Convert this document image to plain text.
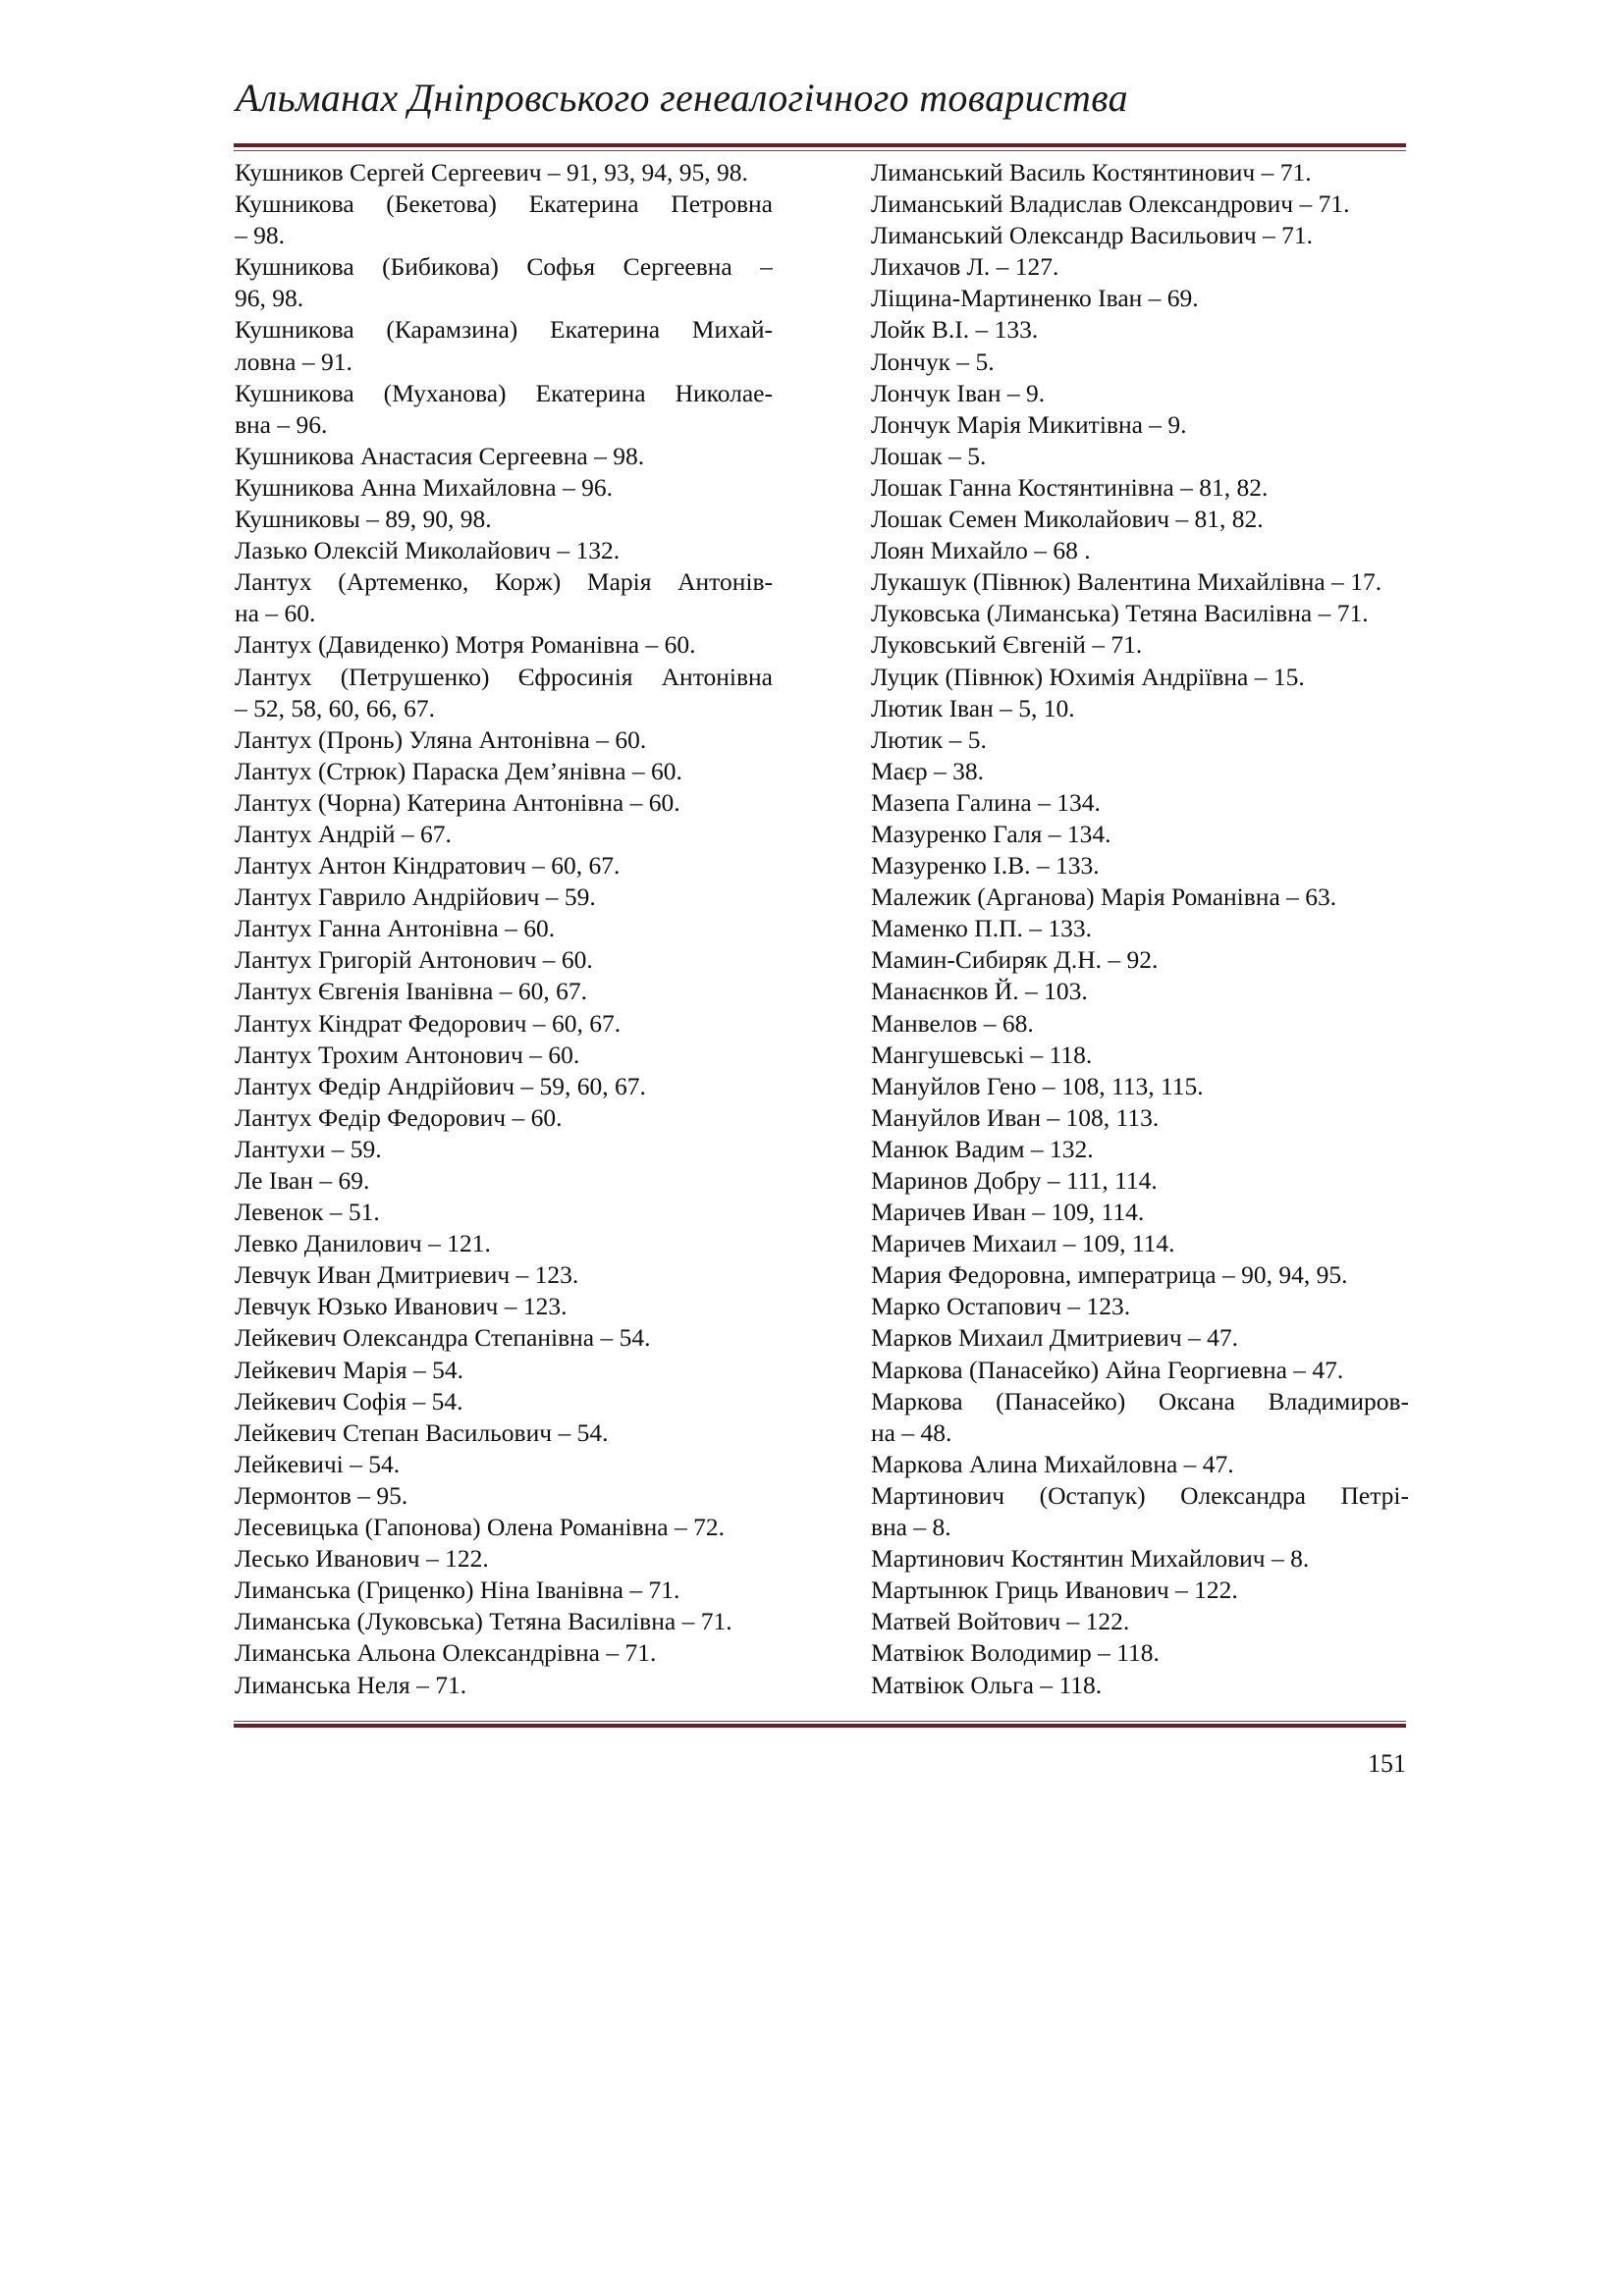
Альманах Дніпровського генеалогічного товариства
Кушников Сергей Сергеевич – 91, 93, 94, 95, 98.
Кушникова (Бекетова) Екатерина Петровна
– 98.
Кушникова (Бибикова) Софья Сергеевна –
96, 98.
Кушникова (Карамзина) Екатерина Михай-
ловна – 91.
Кушникова (Муханова) Екатерина Николае-
вна – 96.
Кушникова Анастасия Сергеевна – 98.
Кушникова Анна Михайловна – 96.
Кушниковы – 89, 90, 98.
Лазько Олексій Миколайович – 132.
Лантух (Артеменко, Корж) Марія Антонів-
на – 60.
Лантух (Давиденко) Мотря Романівна – 60.
Лантух (Петрушенко) Єфросинія Антонівна
– 52, 58, 60, 66, 67.
Лантух (Пронь) Уляна Антонівна – 60.
Лантух (Стрюк) Параска Дем’янівна – 60.
Лантух (Чорна) Катерина Антонівна – 60.
Лантух Андрій – 67.
Лантух Антон Кіндратович – 60, 67.
Лантух Гаврило Андрійович – 59.
Лантух Ганна Антонівна – 60.
Лантух Григорій Антонович – 60.
Лантух Євгенія Іванівна – 60, 67.
Лантух Кіндрат Федорович – 60, 67.
Лантух Трохим Антонович – 60.
Лантух Федір Андрійович – 59, 60, 67.
Лантух Федір Федорович – 60.
Лантухи – 59.
Ле Іван – 69.
Левенок – 51.
Левко Данилович – 121.
Левчук Иван Дмитриевич – 123.
Левчук Юзько Иванович – 123.
Лейкевич Олександра Степанівна – 54.
Лейкевич Марія – 54.
Лейкевич Софія – 54.
Лейкевич Степан Васильович – 54.
Лейкевичі – 54.
Лермонтов – 95.
Лесевицька (Гапонова) Олена Романівна – 72.
Лесько Иванович – 122.
Лиманська (Гриценко) Ніна Іванівна – 71.
Лиманська (Луковська) Тетяна Василівна – 71.
Лиманська Альона Олександрівна – 71.
Лиманська Неля – 71.
Лиманський Василь Костянтинович – 71.
Лиманський Владислав Олександрович – 71.
Лиманський Олександр Васильович – 71.
Лихачов Л. – 127.
Ліщина-Мартиненко Іван – 69.
Лойк В.І. – 133.
Лончук – 5.
Лончук Іван – 9.
Лончук Марія Микитівна – 9.
Лошак – 5.
Лошак Ганна Костянтинівна – 81, 82.
Лошак Семен Миколайович – 81, 82.
Лоян Михайло – 68 .
Лукашук (Півнюк) Валентина Михайлівна – 17.
Луковська (Лиманська) Тетяна Василівна – 71.
Луковський Євгеній – 71.
Луцик (Півнюк) Юхимія Андріївна – 15.
Лютик Іван – 5, 10.
Лютик – 5.
Маєр – 38.
Мазепа Галина – 134.
Мазуренко Галя – 134.
Мазуренко І.В. – 133.
Малежик (Арганова) Марія Романівна – 63.
Маменко П.П. – 133.
Мамин-Сибиряк Д.Н. – 92.
Манаєнков Й. – 103.
Манвелов – 68.
Мангушевські – 118.
Мануйлов Гено – 108, 113, 115.
Мануйлов Иван – 108, 113.
Манюк Вадим – 132.
Маринов Добру – 111, 114.
Маричев Иван – 109, 114.
Маричев Михаил – 109, 114.
Мария Федоровна, императрица – 90, 94, 95.
Марко Остапович – 123.
Марков Михаил Дмитриевич – 47.
Маркова (Панасейко) Айна Георгиевна – 47.
Маркова (Панасейко) Оксана Владимиров-
на – 48.
Маркова Алина Михайловна – 47.
Мартинович (Остапук) Олександра Петрі-
вна – 8.
Мартинович Костянтин Михайлович – 8.
Мартынюк Гриць Иванович – 122.
Матвей Войтович – 122.
Матвіюк Володимир – 118.
Матвіюк Ольга – 118.
151
